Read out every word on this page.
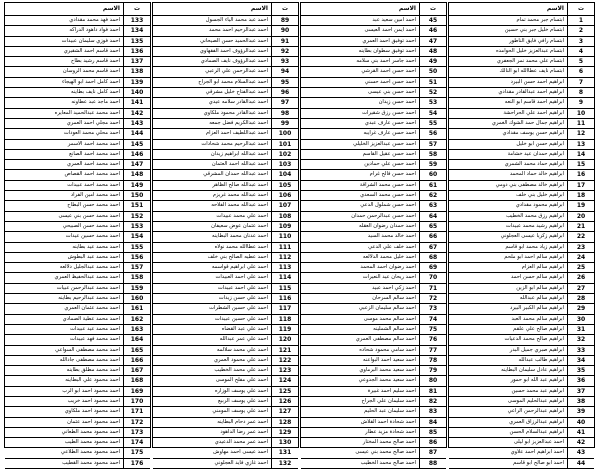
الاسم	ت
احمد فهد محمد مقدادي	133
احمد فواد داهود الدراكه	134
احمد فوزي سليمان عبيدات	135
احمد قاسم احمد الشقيري	136
احمد قاسم رشيد بطاح	137
احمد قاسم محمد الروسان	138
احمد كامل احمد ابو الهيجاء	139
احمد كامل نايف بطاينه	140
احمد ماجد عبد عطاونه	141
احمد محمد عبدالحميد المعايره	142
احمد مجلي احمد العمري	143
احمد محلي محمد العودات	144
احمد محمد احمد الاسمر	145
احمد محمد احمد الصانع	146
احمد محمد احمد العمري	147
احمد محمد احمد القصاص	148
احمد محمد احمد عبيدات	149
احمد محمد امين الفراد	150
احمد محمد حسن البطاح	151
احمد محمد حسن بني عيسى	152
احمد محمد حسن الصبيحي	153
احمد محمد حسين عيدات	154
احمد محمد عيد بطاينه	155
احمد محمد عبد البطوش	156
احمد محمد عبدالجليل دلالعه	157
احمد محمد عبدالحفيظ العمري	158
احمد محمد عبدالرحمن عبيات	159
احمد محمد عبدالرحيم بطاينه	160
احمد محمد عثمان العمري	161
احمد محمد عطية الصمادي	162
احمد محمد عيد عبيدات	163
احمد محمد فهد عبيدات	164
احمد محمد مصطفى السواعي	165
احمد محمد مصطفى جادالله	166
احمد محمد مطلق بطاينه	167
احمد محمود علي البطاينه	168
احمد محمود احمد ابو الرب	169
احمد محمود احمد خريب	170
احمد محمود احمد ملكاوي	171
احمد محمود احمد عثمان	172
احمد محمود محمد الطعاني	173
احمد محمود محمد الطيب	174
احمد محمود محمد الطلاعي	175
احمد محمود محمد القطيب	176
الاسم	ت
احمد عبد محمد الياء الجسول	89
احمد عبدالرحيم احمد محمد	90
احمد عبدالحميد حسن الصيحاني	91
احمد عبدالرؤوف احمد الفقهاوي	92
احمد عبدالرؤوف نايف الصمادي	93
احمد عبدالرحمن علي الرعبي	94
احمد عبدالسلام محمد ابو الجراح	95
احمد عبدالفتاح خليل مشرقي	96
احمد عبدالقادر سلامه عيدي	97
احمد عبدالقادر محمود ملكاوي	98
احمد عبدالكريم فضل جمعه	99
احمد عبداللطيف احمد العزام	100
احمد عبدالرحيم محمد شحادات	101
احمد عبدالله ابراهيم زيدان	102
احمد عبدالله احمد العثمان	103
احمد عبدالله حمدان المشرقي	104
احمد عبدالله صالح الظاهر	105
احمد عبدالله محمد غريزم	106
احمد عبدالله محمد الفلاحه	107
احمد علي محمد عبيدات	108
احمد عثمان عوض سعيفان	109
احمد عدنان محمد البطاينه	110
احمد عطاالله محمد نولاه	111
احمد عطيه الصالح بني خلف	112
احمد علي ابراهيم قواسمه	113
احمد علي احمد العبيدات	114
احمد علي احمد عبيدات	115
احمد علي حسن زيدات	116
احمد علي حسين الشطرات	117
احمد علي حسين عبيدات	118
احمد علي عبد القضاه	119
احمد علي عمر عبدالله	120
احمد علي محمد سلالمه	121
احمد علي محمود العمري	122
احمد علي محمد الخطيب	123
احمد علي مفلح الموسى	124
احمد علي يوسف الوزاره	125
احمد علي يوسف الربيع	126
احمد علي يوسف المومني	127
احمد عمر دحام البطاينه	128
احمد عمر رضا الداهود	129
احمد عمر محمد الدعيدي	130
احمد عيسى احمد مهاوش	131
احمد غازي فايد العجلوني	132
الاسم	ت
احمد امين سعيد عبد	45
احمد ايمن احمد العيسى	46
احمد توفيق احمد العمري	47
احمد توفيق سطوان بطاينه	48
احمد جاسر احمد بني سلامه	49
احمد حسن احمد القرشي	50
احمد حسن احمد حسني	51
احمد حسن بني عيسى	52
احمد حسن زيدان	53
احمد حسن رزق شقيرات	54
احمد حسن عارف عبدي	55
احمد حسن عارف غرايبه	56
احمد حسن عبدالعزيز الخليلي	57
احمد حسن عقيل القاسم	58
احمد حسن علي حمادين	59
احمد حسن فالح غرام	60
احمد حسن محمد الشراقة	61
احمد حسن محمد السعدي	62
احمد حسن شملول الدعي	63
احمد حسن عبدالرحمن حمدان	64
احمد حمدان رضوان العقله	65
احمد خالد محمد السيد	66
احمد خلف علي الدعي	67
احمد خليل محمد الدلالعه	68
احمد رضوان احمد المحمد	69
احمد ريحان عيد النعيرات	70
احمد زكي احمد عبيد	71
احمد سالم السرحان	72
احمد سالم سليمان الزعبي	73
احمد سالم محمد موسى	74
احمد سالم الشملينه	75
احمد سالم مصطفى العمري	76
احمد سامي محمود شحاده	77
احمد سعيد احمد البواعنه	78
احمد سعيد محمد البرماوي	79
احمد سعيد محمد الجدوعي	80
احمد سليم احمد غبيرة	81
احمد سليمان علي الجراح	82
احمد سليمان عبد الحليم	83
احمد شحادة احمد القلاش	84
احمد شحادة مزيد عطار	85
احمد صالح محمد المختار	86
احمد صالح محمد بني عيسى	87
احمد صالح محمد الخطيب	88
الاسم	ت
ابتسام جبر محمد تمام	1
ابتسام خليل جبر بني حسين	2
ابتسام رافي فايق الناطور	3
ابتسام عبدالعزيز خليل الحوامده	4
ابتسام علي محمد نمر الجعفري	5
ابتسام نايف عطاالله ابو النالك	6
ابراهيم احمد حسن البيرد	7
ابراهيم احمد عبدالقادر مقدادي	8
ابراهيم احمد قاسم ابو النعه	9
ابراهيم احمد علي الحراحشة	10
ابراهيم جمال حمد الشوك الغمري	11
ابراهيم حسن يوسف مقدادي	12
ابراهيم حسن ابو خليل	13
ابراهيم حمدان عيد خشامة	14
ابراهيم حماد محمد الشمري	15
ابراهيم خالد حماد المحمد	16
ابراهيم خالد مصطفى بني دومي	17
ابراهيم خليل بني خلف	18
ابراهيم محمود مقدادي	19
ابراهيم رزق محمد الخطيب	20
ابراهيم رشيد محمد عبيدات	21
ابراهيم زكريا عيسى العجلوني	22
ابراهيم زياد محمد ابو قاسم	23
ابراهيم سالم احمد ابو ملحم	24
ابراهيم سالم العزام	25
ابراهيم سالم حسن احمد	26
ابراهيم سالم ابو الزين	27
ابراهيم سالم عبدالله	28
ابراهيم سالم الكبير البيرد	29
ابراهيم سالم محمد العبد	30
ابراهيم صالح علي علقم	31
ابراهيم صالح محمد الدعيات	32
ابراهيم صبري جميل البدر	33
ابراهيم طالب عبدالله	34
ابراهيم عادل سليمان البطاينه	35
ابراهيم عبد الله ابو حمور	36
ابراهيم عبد محمد حسين	37
ابراهيم عبدالحليم الموسى	38
ابراهيم عبدالرحمن الراعي	39
ابراهيم عبدالرزاق العمري	40
ابراهيم عبدالسلام الحسن	41
احمد عبدالعزيز ابو ليلى	42
احمد ابراهيم احمد علاوي	43
احمد ابو صالح ابو قاسم	44
